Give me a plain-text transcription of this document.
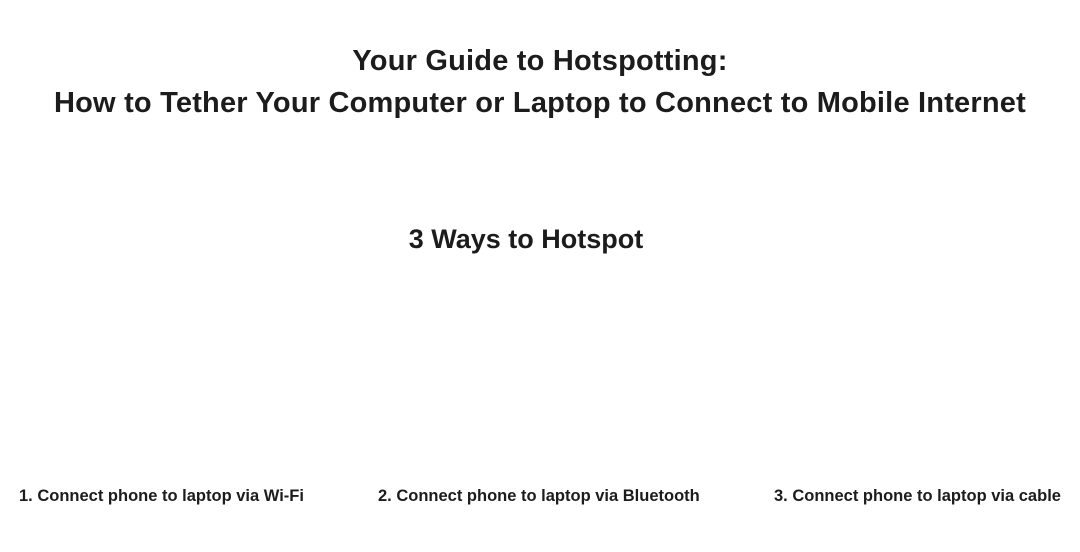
Your Guide to Hotspotting:
How to Tether Your Computer or Laptop to Connect to Mobile Internet
3 Ways to Hotspot
1. Connect phone to laptop via Wi-Fi	2. Connect phone to laptop via Bluetooth	3. Connect phone to laptop via cable
